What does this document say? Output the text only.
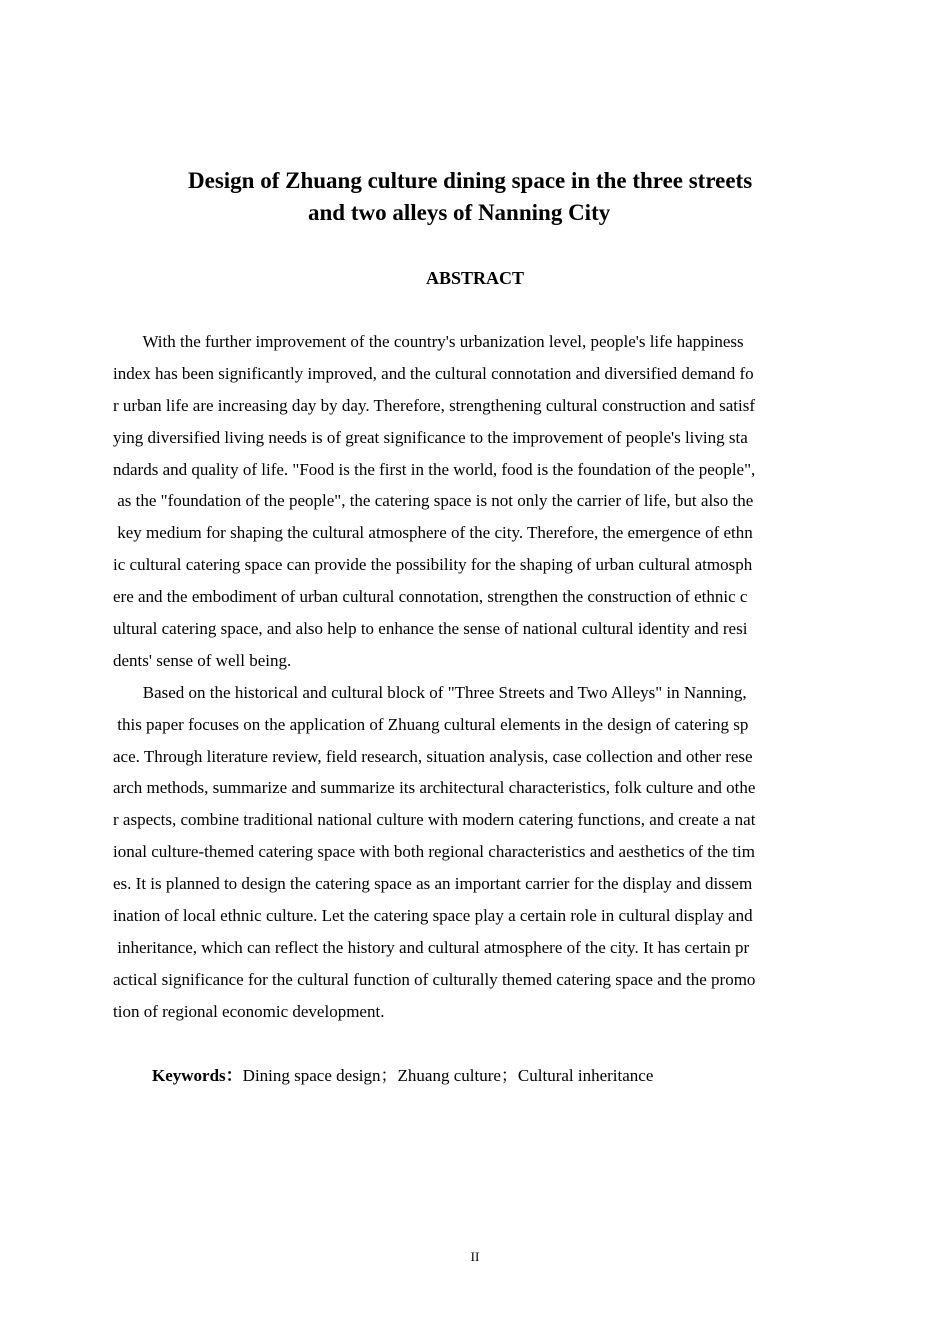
Design of Zhuang culture dining space in the three streets
and two alleys of Nanning City
ABSTRACT
With the further improvement of the country's urbanization level, people's life happiness
index has been significantly improved, and the cultural connotation and diversified demand fo
r urban life are increasing day by day. Therefore, strengthening cultural construction and satisf
ying diversified living needs is of great significance to the improvement of people's living sta
ndards and quality of life. "Food is the first in the world, food is the foundation of the people",
as the "foundation of the people", the catering space is not only the carrier of life, but also the
key medium for shaping the cultural atmosphere of the city. Therefore, the emergence of ethn
ic cultural catering space can provide the possibility for the shaping of urban cultural atmosph
ere and the embodiment of urban cultural connotation, strengthen the construction of ethnic c
ultural catering space, and also help to enhance the sense of national cultural identity and resi
dents' sense of well being.
Based on the historical and cultural block of "Three Streets and Two Alleys" in Nanning,
this paper focuses on the application of Zhuang cultural elements in the design of catering sp
ace. Through literature review, field research, situation analysis, case collection and other rese
arch methods, summarize and summarize its architectural characteristics, folk culture and othe
r aspects, combine traditional national culture with modern catering functions, and create a nat
ional culture-themed catering space with both regional characteristics and aesthetics of the tim
es. It is planned to design the catering space as an important carrier for the display and dissem
ination of local ethnic culture. Let the catering space play a certain role in cultural display and
inheritance, which can reflect the history and cultural atmosphere of the city. It has certain pr
actical significance for the cultural function of culturally themed catering space and the promo
tion of regional economic development.
Keywords：Dining space design；Zhuang culture；Cultural inheritance
II
